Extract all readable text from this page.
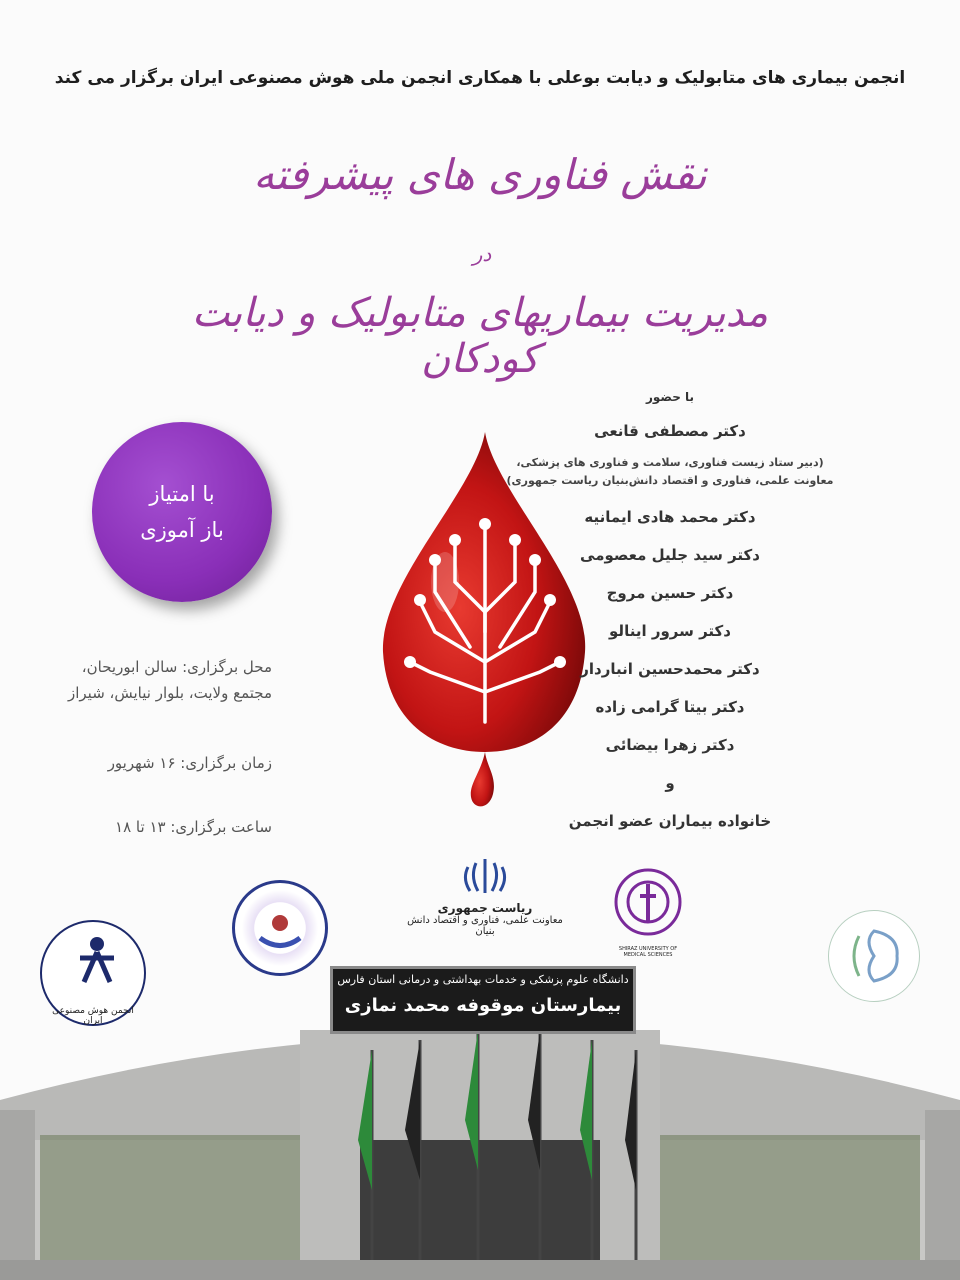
انجمن بیماری های متابولیک و دیابت بوعلی با همکاری انجمن ملی هوش مصنوعی ایران برگزار می کند
نقش فناوری های پیشرفته
در
مدیریت بیماریهای متابولیک و دیابت کودکان
با امتیاز
باز آموزی
محل برگزاری: سالن ابوریحان،
مجتمع ولایت، بلوار نیایش، شیراز
زمان برگزاری: ۱۶ شهریور
ساعت برگزاری: ۱۳ تا ۱۸
با حضور
دکتر مصطفی قانعی
(دبیر ستاد زیست فناوری، سلامت و فناوری های پزشکی، معاونت علمی، فناوری و اقتصاد دانش‌بنیان ریاست جمهوری)
دکتر محمد هادی ایمانیه
دکتر سید جلیل معصومی
دکتر حسین مروج
دکتر سرور اینالو
دکتر محمدحسین انباردار
دکتر بیتا گرامی زاده
دکتر زهرا بیضائی
و
خانواده بیماران عضو انجمن
انجمن هوش مصنوعی ایران
ریاست جمهوری
معاونت علمی، فناوری و اقتصاد دانش بنیان
SHIRAZ UNIVERSITY OF MEDICAL SCIENCES
دانشگاه علوم پزشکی و خدمات بهداشتی و درمانی استان فارس
بیمارستان موقوفه محمد نمازی
